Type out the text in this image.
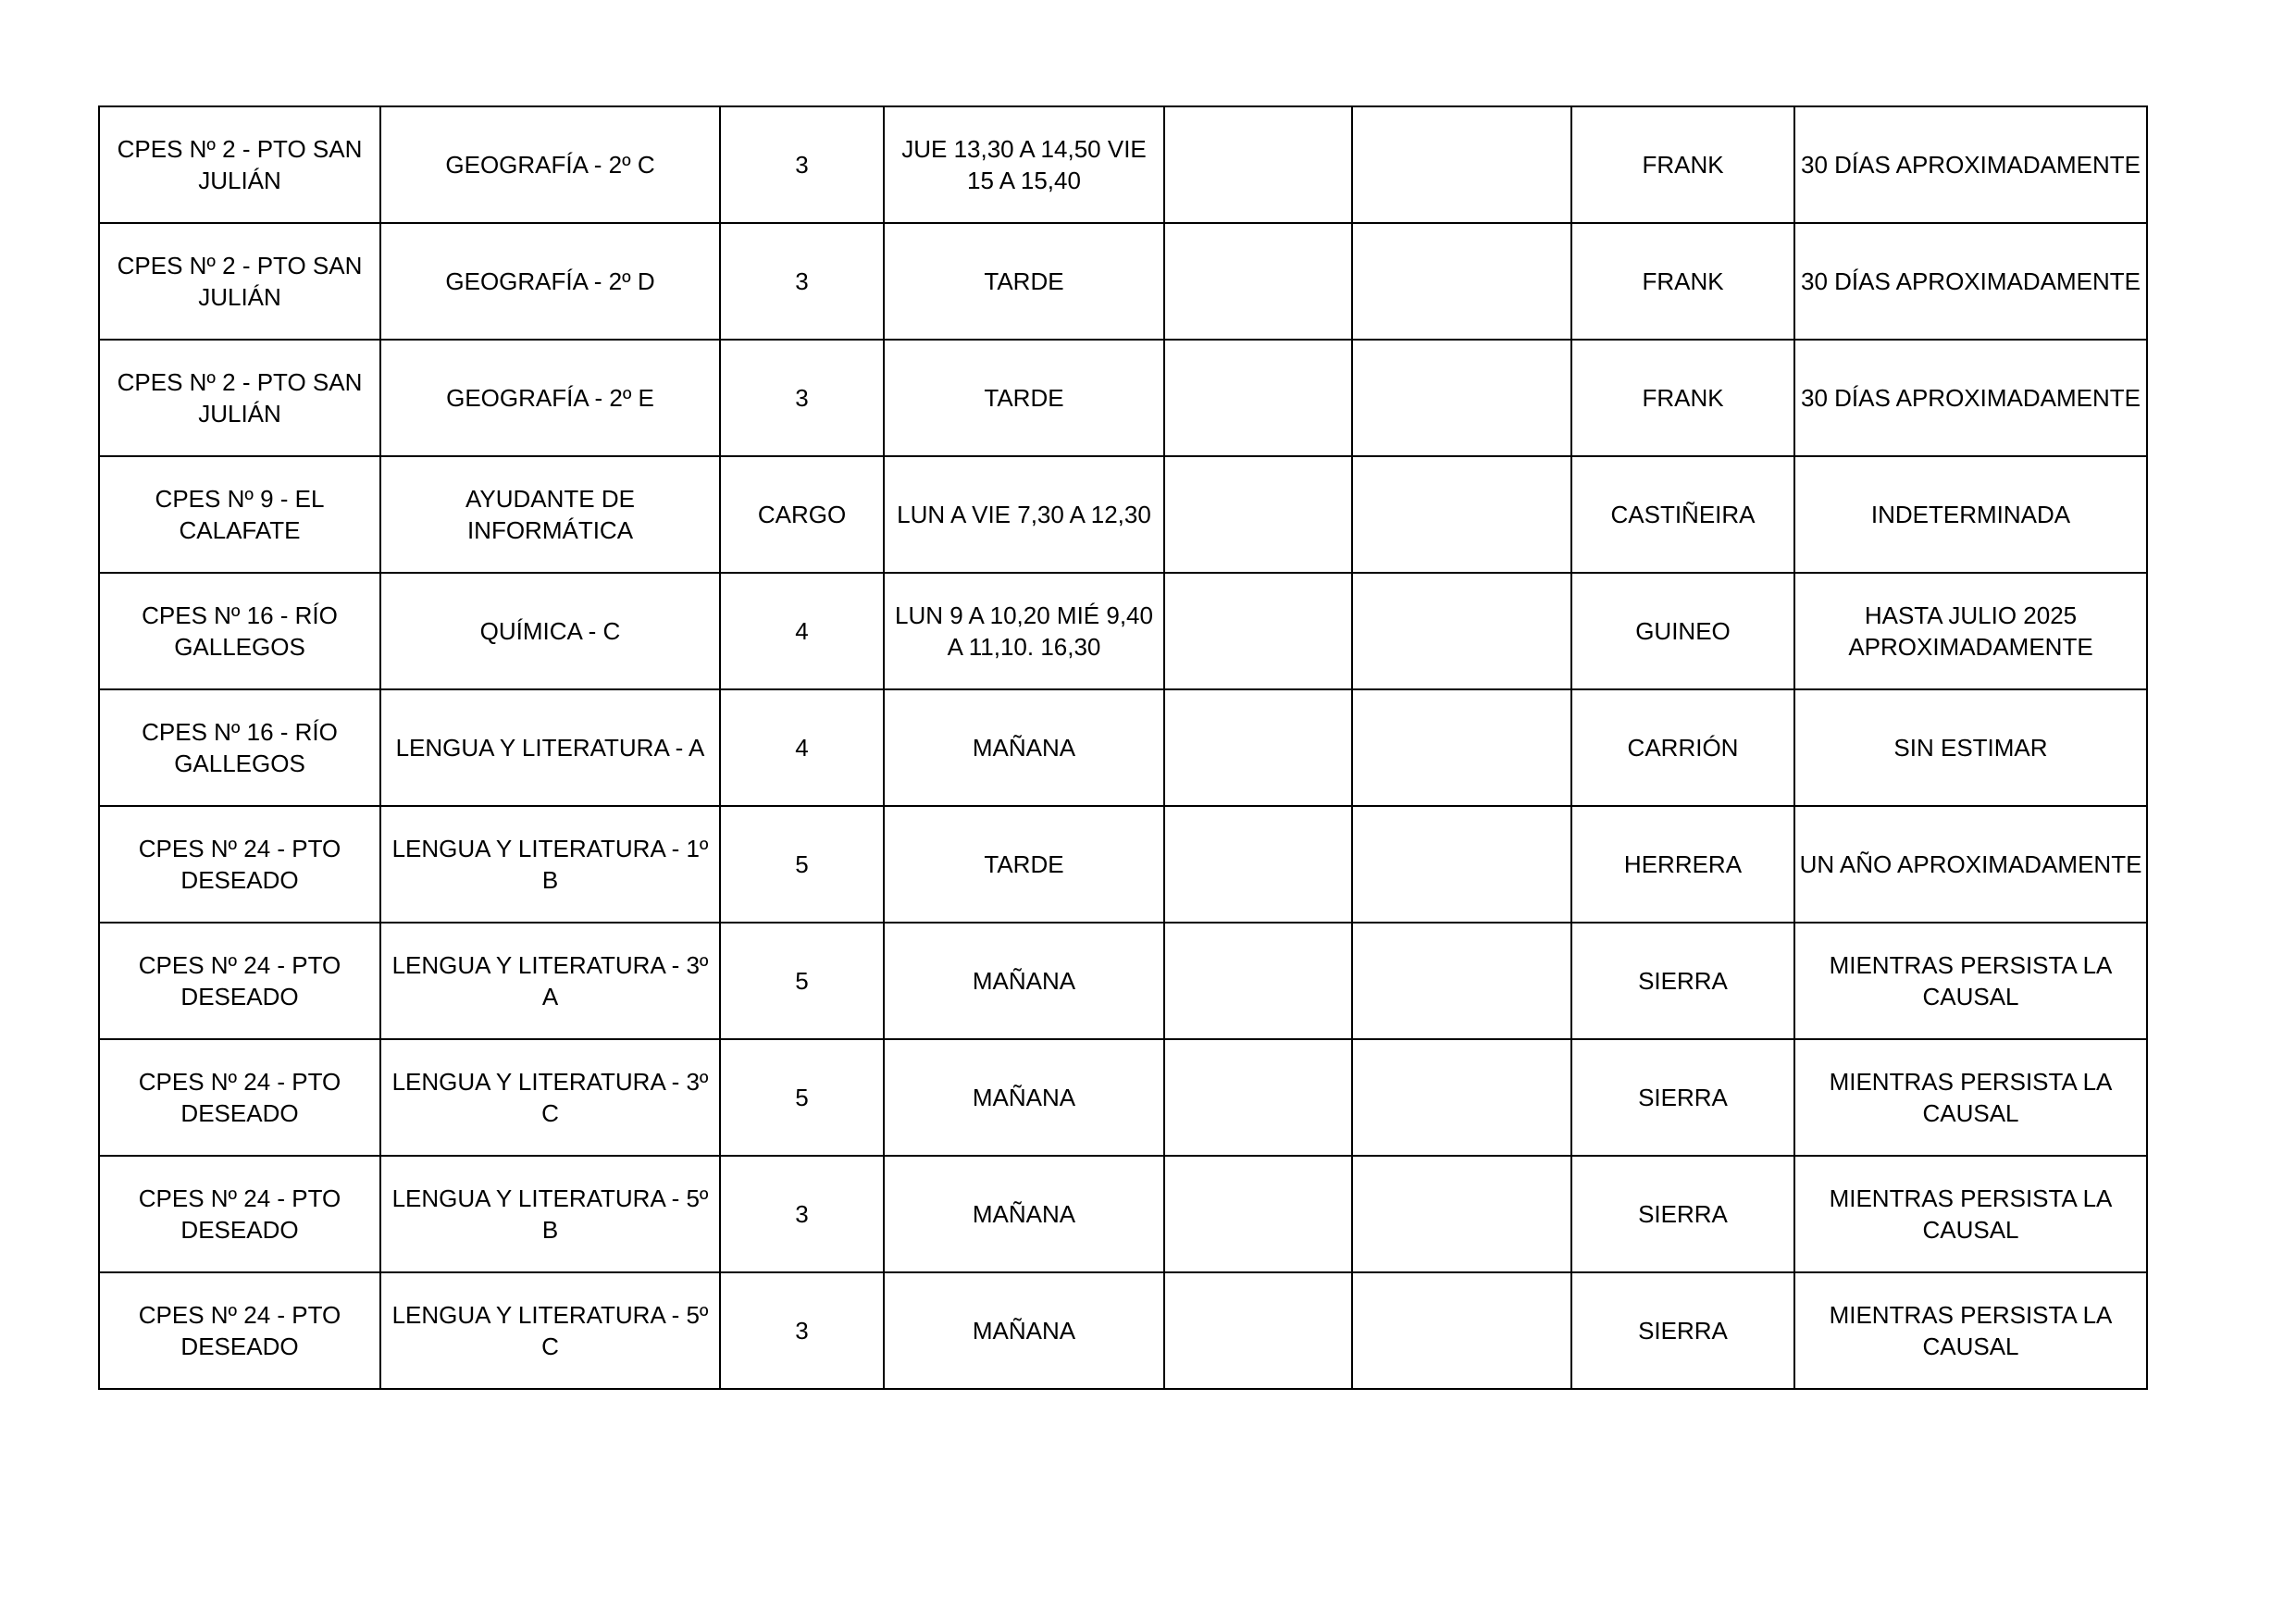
CPES Nº 2 - PTO SAN JULIÁN	GEOGRAFÍA - 2º C	3	JUE 13,30 A 14,50 VIE 15 A 15,40			FRANK	30 DÍAS APROXIMADAMENTE
CPES Nº 2 - PTO SAN JULIÁN	GEOGRAFÍA - 2º D	3	TARDE			FRANK	30 DÍAS APROXIMADAMENTE
CPES Nº 2 - PTO SAN JULIÁN	GEOGRAFÍA - 2º E	3	TARDE			FRANK	30 DÍAS APROXIMADAMENTE
CPES Nº 9 - EL CALAFATE	AYUDANTE DE INFORMÁTICA	CARGO	LUN A VIE 7,30 A 12,30			CASTIÑEIRA	INDETERMINADA
CPES Nº 16 - RÍO GALLEGOS	QUÍMICA - C	4	LUN 9 A 10,20 MIÉ 9,40 A 11,10. 16,30			GUINEO	HASTA JULIO 2025 APROXIMADAMENTE
CPES Nº 16 - RÍO GALLEGOS	LENGUA Y LITERATURA - A	4	MAÑANA			CARRIÓN	SIN ESTIMAR
CPES Nº 24 - PTO DESEADO	LENGUA Y LITERATURA - 1º B	5	TARDE			HERRERA	UN AÑO APROXIMADAMENTE
CPES Nº 24 - PTO DESEADO	LENGUA Y LITERATURA - 3º A	5	MAÑANA			SIERRA	MIENTRAS PERSISTA LA CAUSAL
CPES Nº 24 - PTO DESEADO	LENGUA Y LITERATURA - 3º C	5	MAÑANA			SIERRA	MIENTRAS PERSISTA LA CAUSAL
CPES Nº 24 - PTO DESEADO	LENGUA Y LITERATURA - 5º B	3	MAÑANA			SIERRA	MIENTRAS PERSISTA LA CAUSAL
CPES Nº 24 - PTO DESEADO	LENGUA Y LITERATURA - 5º C	3	MAÑANA			SIERRA	MIENTRAS PERSISTA LA CAUSAL
